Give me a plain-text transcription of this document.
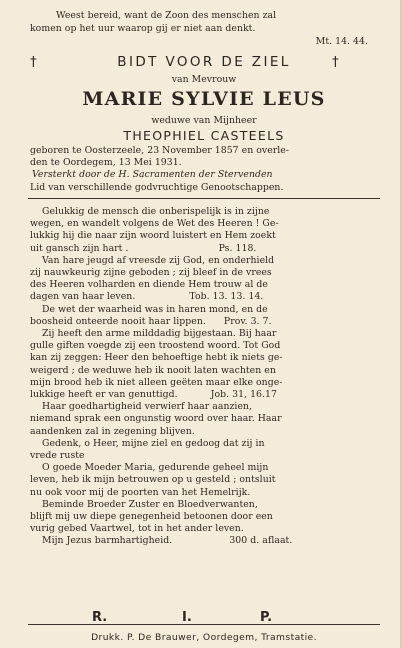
Weest bereid, want de Zoon des menschen zal
komen op het uur waarop gij er niet aan denkt.
Mt. 14. 44.
†	BIDT VOOR DE ZIEL	†
van Mevrouw
MARIE SYLVIE LEUS
weduwe van Mijnheer
THEOPHIEL CASTEELS
geboren te Oosterzeele, 23 November 1857 en overle-
den te Oordegem, 13 Mei 1931.
Versterkt door de H. Sacramenten der Stervenden
Lid van verschillende godvruchtige Genootschappen.
Gelukkig de mensch die onberispelijk is in zijne
wegen, en wandelt volgens de Wet des Heeren ! Ge-
lukkig hij die naar zijn woord luistert en Hem zoekt
uit gansch zijn hart .                              Ps. 118.
Van hare jeugd af vreesde zij God, en onderhield
zij nauwkeurig zijne geboden ; zij bleef in de vrees
des Heeren volharden en diende Hem trouw al de
dagen van haar leven.                  Tob. 13. 13. 14.
De wet der waarheid was in haren mond, en de
boosheid onteerde nooit haar lippen.      Prov. 3. 7.
Zij heeft den arme milddadig bijgestaan. Bij haar
gulle giften voegde zij een troostend woord. Tot God
kan zij zeggen: Heer den behoeftige hebt ik niets ge-
weigerd ; de weduwe heb ik nooit laten wachten en
mijn brood heb ik niet alleen geëten maar elke onge-
lukkige heeft er van genuttigd.           Job. 31, 16.17
Haar goedhartigheid verwierf haar aanzien,
niemand sprak een ongunstig woord over haar. Haar
aandenken zal in zegening blijven.
Gedenk, o Heer, mijne ziel en gedoog dat zij in
vrede ruste
O goede Moeder Maria, gedurende geheel mijn
leven, heb ik mijn betrouwen op u gesteld ; ontsluit
nu ook voor mij de poorten van het Hemelrijk.
Beminde Broeder Zuster en Bloedverwanten,
blijft mij uw diepe genegenheid betoonen door een
vurig gebed Vaartwel, tot in het ander leven.
Mijn Jezus barmhartigheid.                   300 d. aflaat.
R.	I.	P.
Drukk. P. De Brauwer, Oordegem, Tramstatie.
